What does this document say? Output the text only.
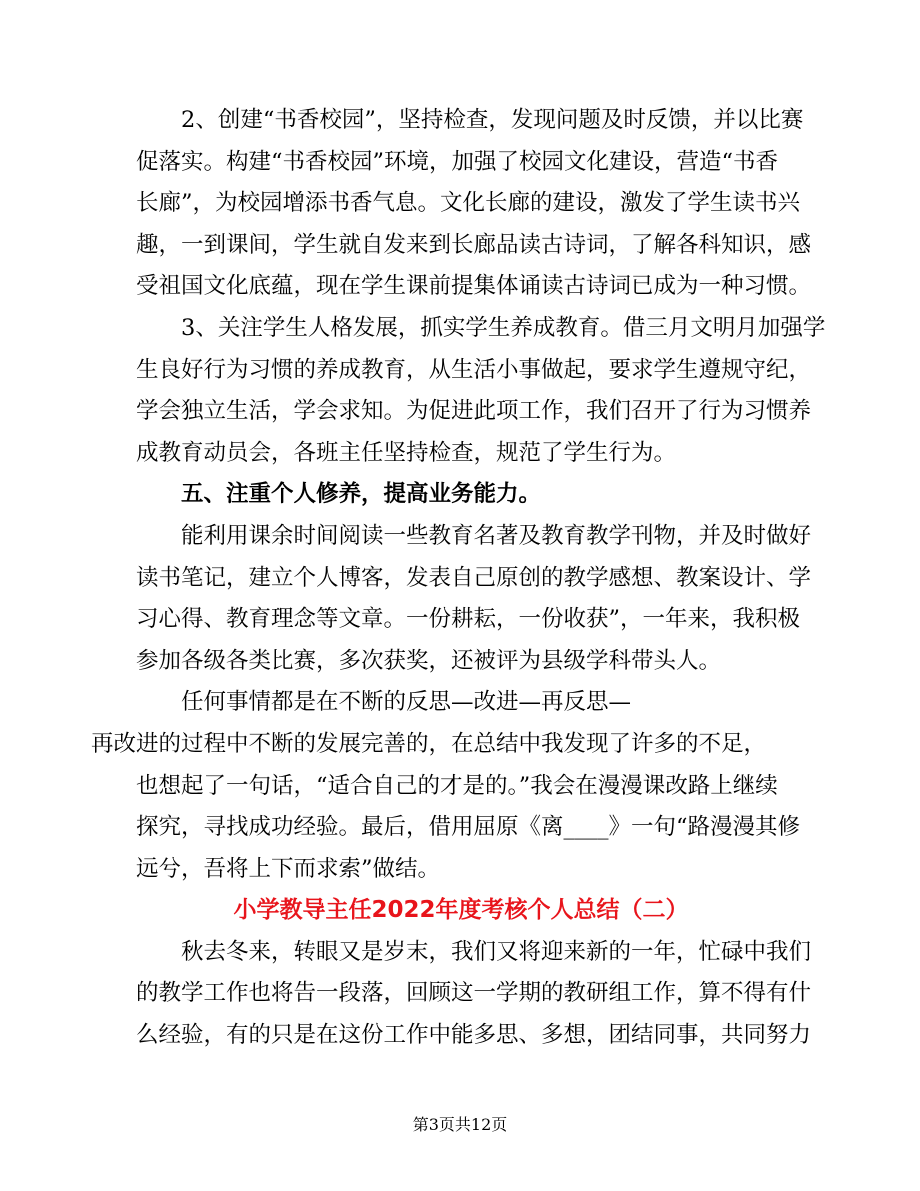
2、创建“书香校园”，坚持检查，发现问题及时反馈，并以比赛
促落实。构建“书香校园”环境，加强了校园文化建设，营造“书香
长廊”，为校园增添书香气息。文化长廊的建设，激发了学生读书兴
趣，一到课间，学生就自发来到长廊品读古诗词，了解各科知识，感
受祖国文化底蕴，现在学生课前提集体诵读古诗词已成为一种习惯。

3、关注学生人格发展，抓实学生养成教育。借三月文明月加强学
生良好行为习惯的养成教育，从生活小事做起，要求学生遵规守纪，
学会独立生活，学会求知。为促进此项工作，我们召开了行为习惯养
成教育动员会，各班主任坚持检查，规范了学生行为。

五、注重个人修养，提高业务能力。

能利用课余时间阅读一些教育名著及教育教学刊物，并及时做好
读书笔记，建立个人博客，发表自己原创的教学感想、教案设计、学
习心得、教育理念等文章。一份耕耘，一份收获”，一年来，我积极
参加各级各类比赛，多次获奖，还被评为县级学科带头人。

任何事情都是在不断的反思—改进—再反思—
再改进的过程中不断的发展完善的，在总结中我发现了许多的不足，
也想起了一句话，“适合自己的才是的。”我会在漫漫课改路上继续
探究，寻找成功经验。最后，借用屈原《离____》一句“路漫漫其修
远兮，吾将上下而求索”做结。

小学教导主任2022年度考核个人总结（二）

秋去冬来，转眼又是岁末，我们又将迎来新的一年，忙碌中我们
的教学工作也将告一段落，回顾这一学期的教研组工作，算不得有什
么经验，有的只是在这份工作中能多思、多想，团结同事，共同努力

第3页共12页
